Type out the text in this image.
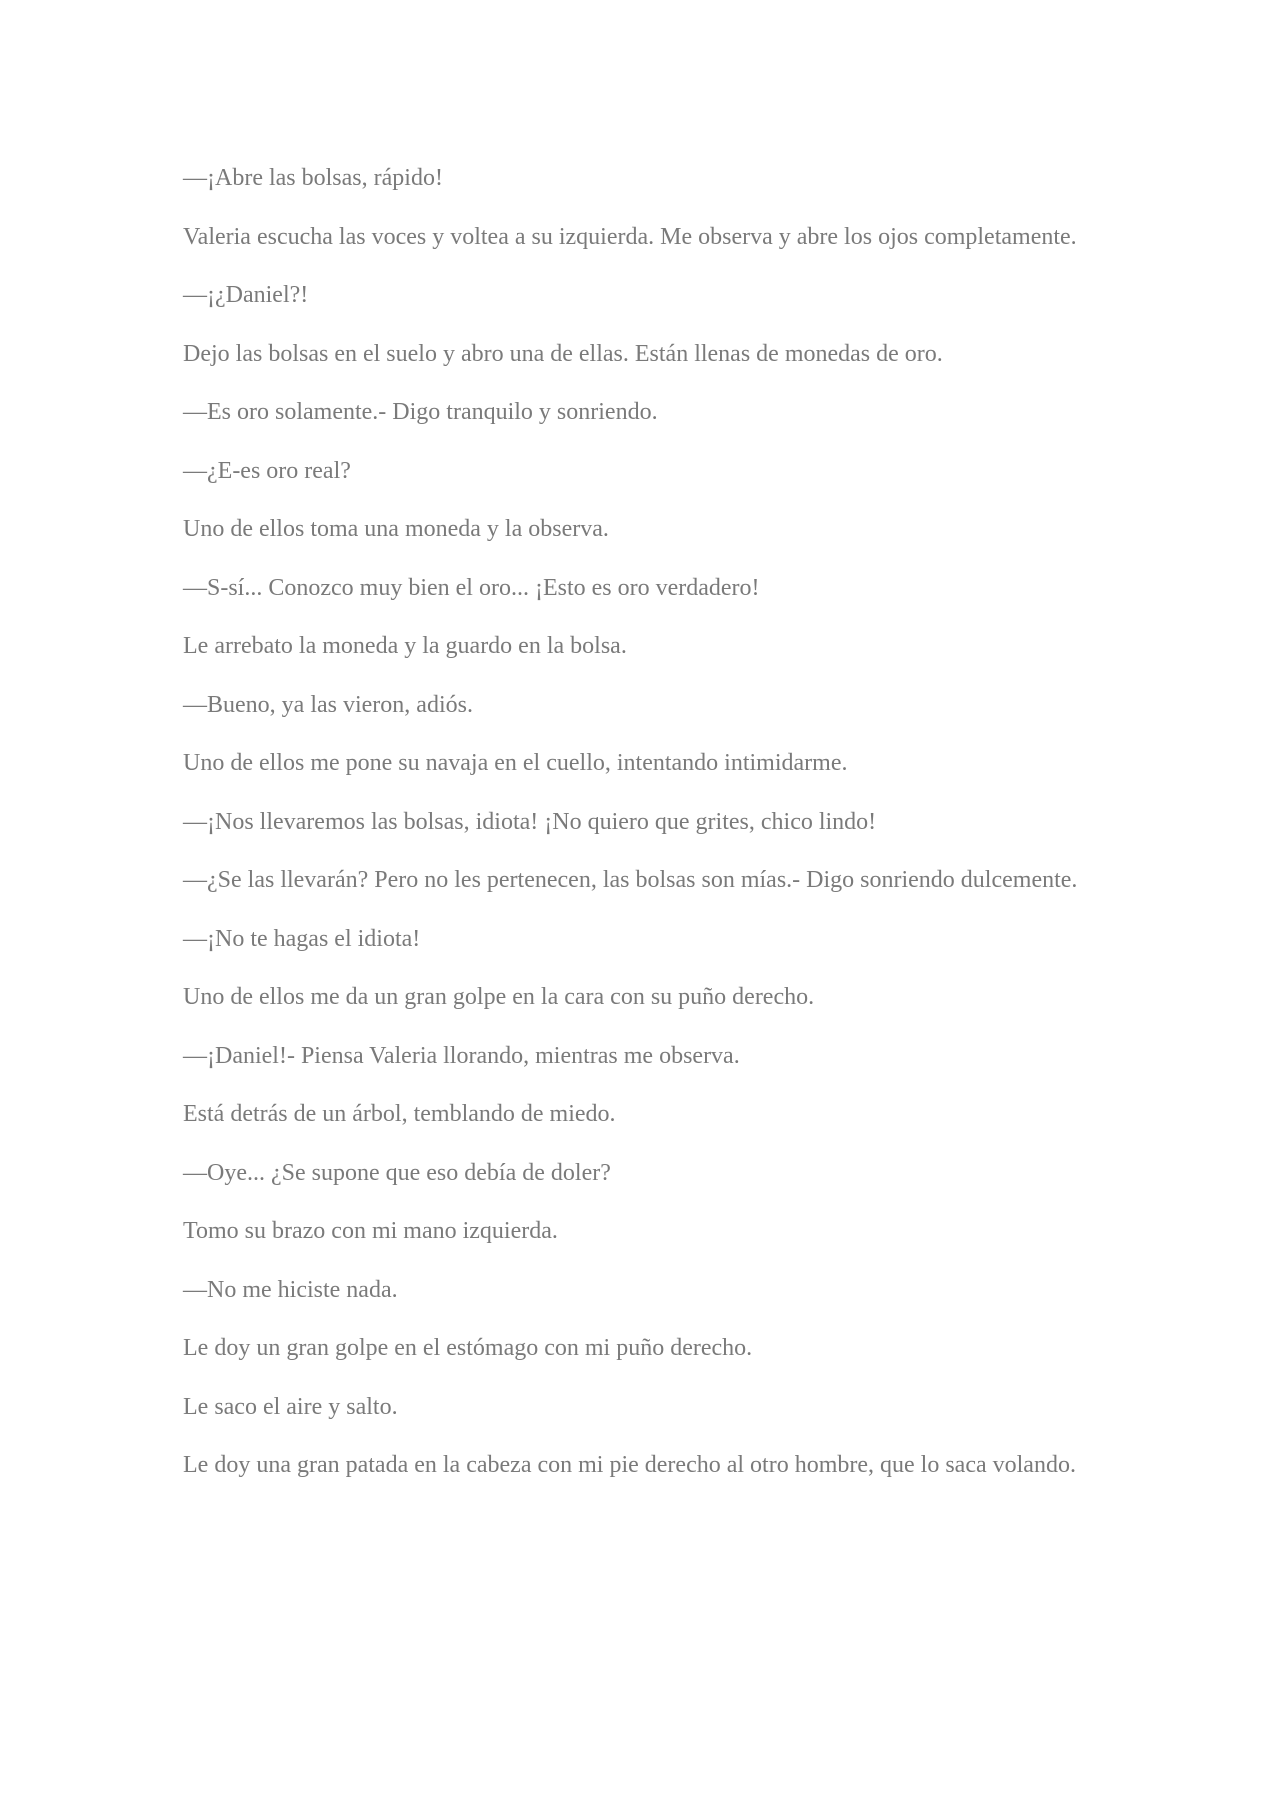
—¡Abre las bolsas, rápido!

Valeria escucha las voces y voltea a su izquierda. Me observa y abre los ojos completamente.

—¡¿Daniel?!

Dejo las bolsas en el suelo y abro una de ellas. Están llenas de monedas de oro.

—Es oro solamente.- Digo tranquilo y sonriendo.

—¿E-es oro real?

Uno de ellos toma una moneda y la observa.

—S-sí... Conozco muy bien el oro... ¡Esto es oro verdadero!

Le arrebato la moneda y la guardo en la bolsa.

—Bueno, ya las vieron, adiós.

Uno de ellos me pone su navaja en el cuello, intentando intimidarme.

—¡Nos llevaremos las bolsas, idiota! ¡No quiero que grites, chico lindo!

—¿Se las llevarán? Pero no les pertenecen, las bolsas son mías.- Digo sonriendo dulcemente.

—¡No te hagas el idiota!

Uno de ellos me da un gran golpe en la cara con su puño derecho.

—¡Daniel!- Piensa Valeria llorando, mientras me observa.

Está detrás de un árbol, temblando de miedo.

—Oye... ¿Se supone que eso debía de doler?

Tomo su brazo con mi mano izquierda.

—No me hiciste nada.

Le doy un gran golpe en el estómago con mi puño derecho.

Le saco el aire y salto.

Le doy una gran patada en la cabeza con mi pie derecho al otro hombre, que lo saca volando.
